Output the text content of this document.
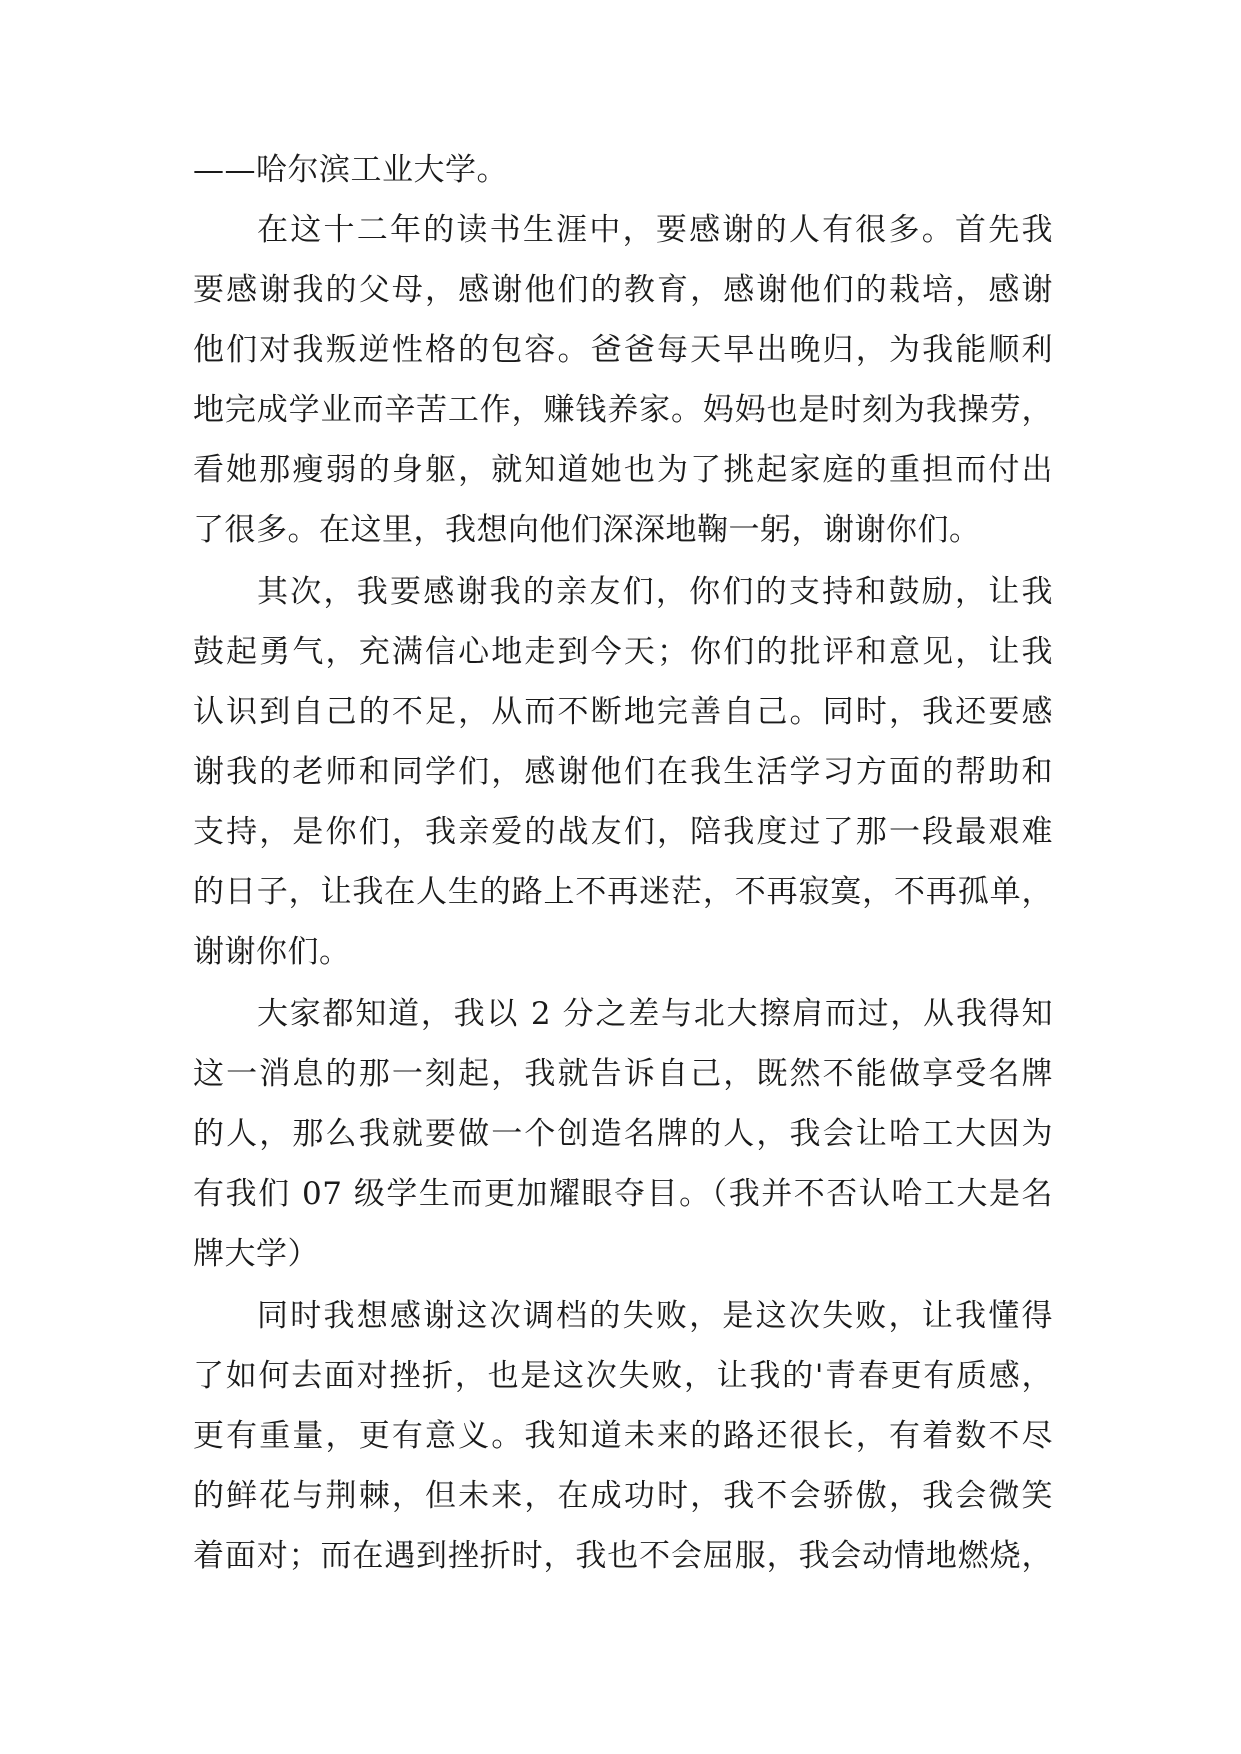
——哈尔滨工业大学。
在这十二年的读书生涯中，要感谢的人有很多。首先我
要感谢我的父母，感谢他们的教育，感谢他们的栽培，感谢
他们对我叛逆性格的包容。爸爸每天早出晚归，为我能顺利
地完成学业而辛苦工作，赚钱养家。妈妈也是时刻为我操劳，
看她那瘦弱的身躯，就知道她也为了挑起家庭的重担而付出
了很多。在这里，我想向他们深深地鞠一躬，谢谢你们。
其次，我要感谢我的亲友们，你们的支持和鼓励，让我
鼓起勇气，充满信心地走到今天；你们的批评和意见，让我
认识到自己的不足，从而不断地完善自己。同时，我还要感
谢我的老师和同学们，感谢他们在我生活学习方面的帮助和
支持，是你们，我亲爱的战友们，陪我度过了那一段最艰难
的日子，让我在人生的路上不再迷茫，不再寂寞，不再孤单，
谢谢你们。
大家都知道，我以 2 分之差与北大擦肩而过，从我得知
这一消息的那一刻起，我就告诉自己，既然不能做享受名牌
的人，那么我就要做一个创造名牌的人，我会让哈工大因为
有我们 07 级学生而更加耀眼夺目。（我并不否认哈工大是名
牌大学）
同时我想感谢这次调档的失败，是这次失败，让我懂得
了如何去面对挫折，也是这次失败，让我的'青春更有质感，
更有重量，更有意义。我知道未来的路还很长，有着数不尽
的鲜花与荆棘，但未来，在成功时，我不会骄傲，我会微笑
着面对；而在遇到挫折时，我也不会屈服，我会动情地燃烧，
